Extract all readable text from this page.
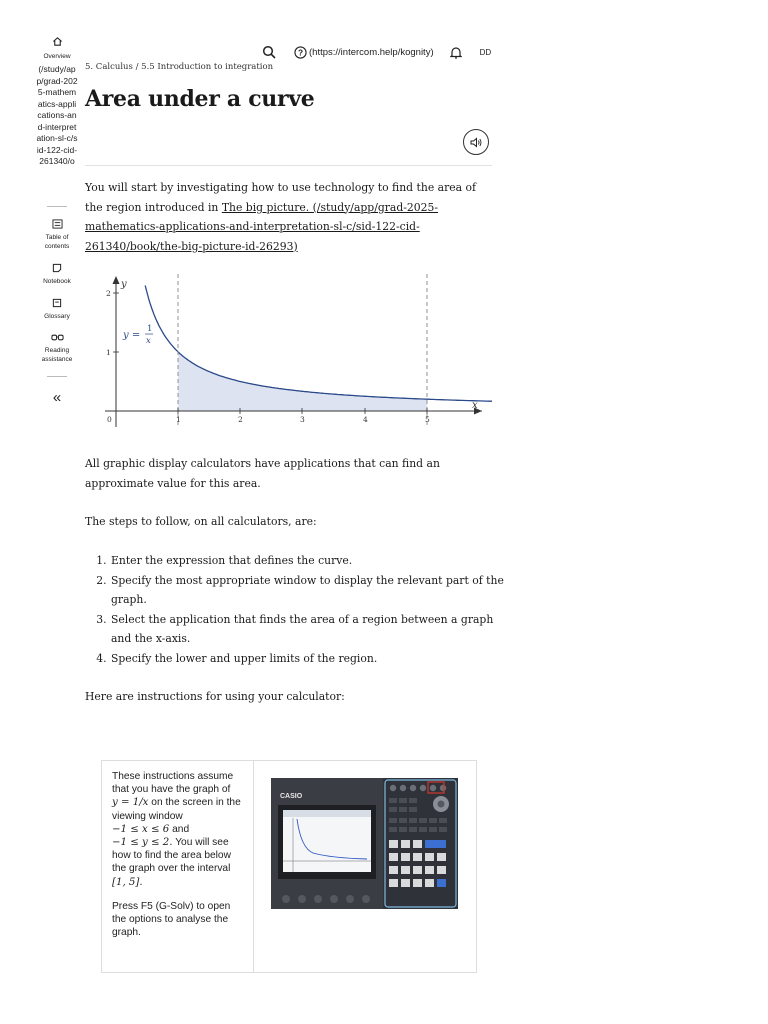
Overview
(/study/app/grad-2025-mathematics-applications-and-interpretation-sl-c/sid-122-cid-261340/o
Table of
contents
Notebook
Glossary
Reading
assistance
«
? (https://intercom.help/kognity)	DD
5. Calculus / 5.5 Introduction to integration
Area under a curve

You will start by investigating how to use technology to find the area of the region introduced in The big picture. (/study/app/grad-2025-mathematics-applications-and-interpretation-sl-c/sid-122-cid-261340/book/the-big-picture-id-26293)

0	1	2	3	4	5
1
2
y
x
y =
1
x

All graphic display calculators have applications that can find an approximate value for this area.

The steps to follow, on all calculators, are:

1. Enter the expression that defines the curve.
2. Specify the most appropriate window to display the relevant part of the graph.
3. Select the application that finds the area of a region between a graph and the x-axis.
4. Specify the lower and upper limits of the region.

Here are instructions for using your calculator:

These instructions assume that you have the graph of

y = 1/x on the screen in the viewing window

−1 ≤ x ≤ 6 and

−1 ≤ y ≤ 2. You will see how to find the area below the graph over the interval [1, 5].

Press F5 (G-Solv) to open the options to analyse the graph.

CASIO
